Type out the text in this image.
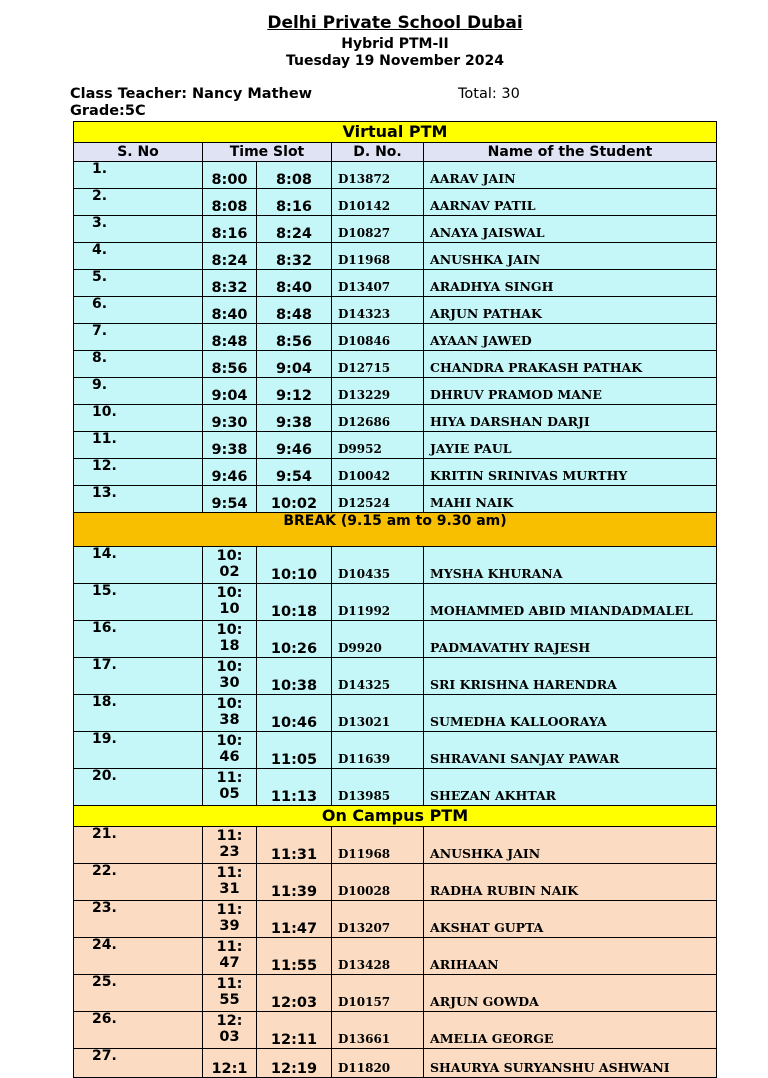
Delhi Private School Dubai
Hybrid PTM-II
Tuesday 19 November 2024
Class Teacher: Nancy Mathew	Total: 30
Grade:5C
Virtual PTM				
S. No	Time Slot		D. No.	Name of the Student
1.	8:00	8:08	D13872	AARAV JAIN
2.	8:08	8:16	D10142	AARNAV PATIL
3.	8:16	8:24	D10827	ANAYA JAISWAL
4.	8:24	8:32	D11968	ANUSHKA JAIN
5.	8:32	8:40	D13407	ARADHYA SINGH
6.	8:40	8:48	D14323	ARJUN PATHAK
7.	8:48	8:56	D10846	AYAAN JAWED
8.	8:56	9:04	D12715	CHANDRA PRAKASH PATHAK
9.	9:04	9:12	D13229	DHRUV PRAMOD MANE
10.	9:30	9:38	D12686	HIYA DARSHAN DARJI
11.	9:38	9:46	D9952	JAYIE PAUL
12.	9:46	9:54	D10042	KRITIN SRINIVAS MURTHY
13.	9:54	10:02	D12524	MAHI NAIK
BREAK (9.15 am to 9.30 am)				
14.	10:02	10:10	D10435	MYSHA KHURANA
15.	10:10	10:18	D11992	MOHAMMED ABID MIANDADMALEL
16.	10:18	10:26	D9920	PADMAVATHY RAJESH
17.	10:30	10:38	D14325	SRI KRISHNA HARENDRA
18.	10:38	10:46	D13021	SUMEDHA KALLOORAYA
19.	10:46	11:05	D11639	SHRAVANI SANJAY PAWAR
20.	11:05	11:13	D13985	SHEZAN AKHTAR
On Campus PTM				
21.	11:23	11:31	D11968	ANUSHKA JAIN
22.	11:31	11:39	D10028	RADHA RUBIN NAIK
23.	11:39	11:47	D13207	AKSHAT GUPTA
24.	11:47	11:55	D13428	ARIHAAN
25.	11:55	12:03	D10157	ARJUN GOWDA
26.	12:03	12:11	D13661	AMELIA GEORGE
27.	12:1	12:19	D11820	SHAURYA SURYANSHU ASHWANI
